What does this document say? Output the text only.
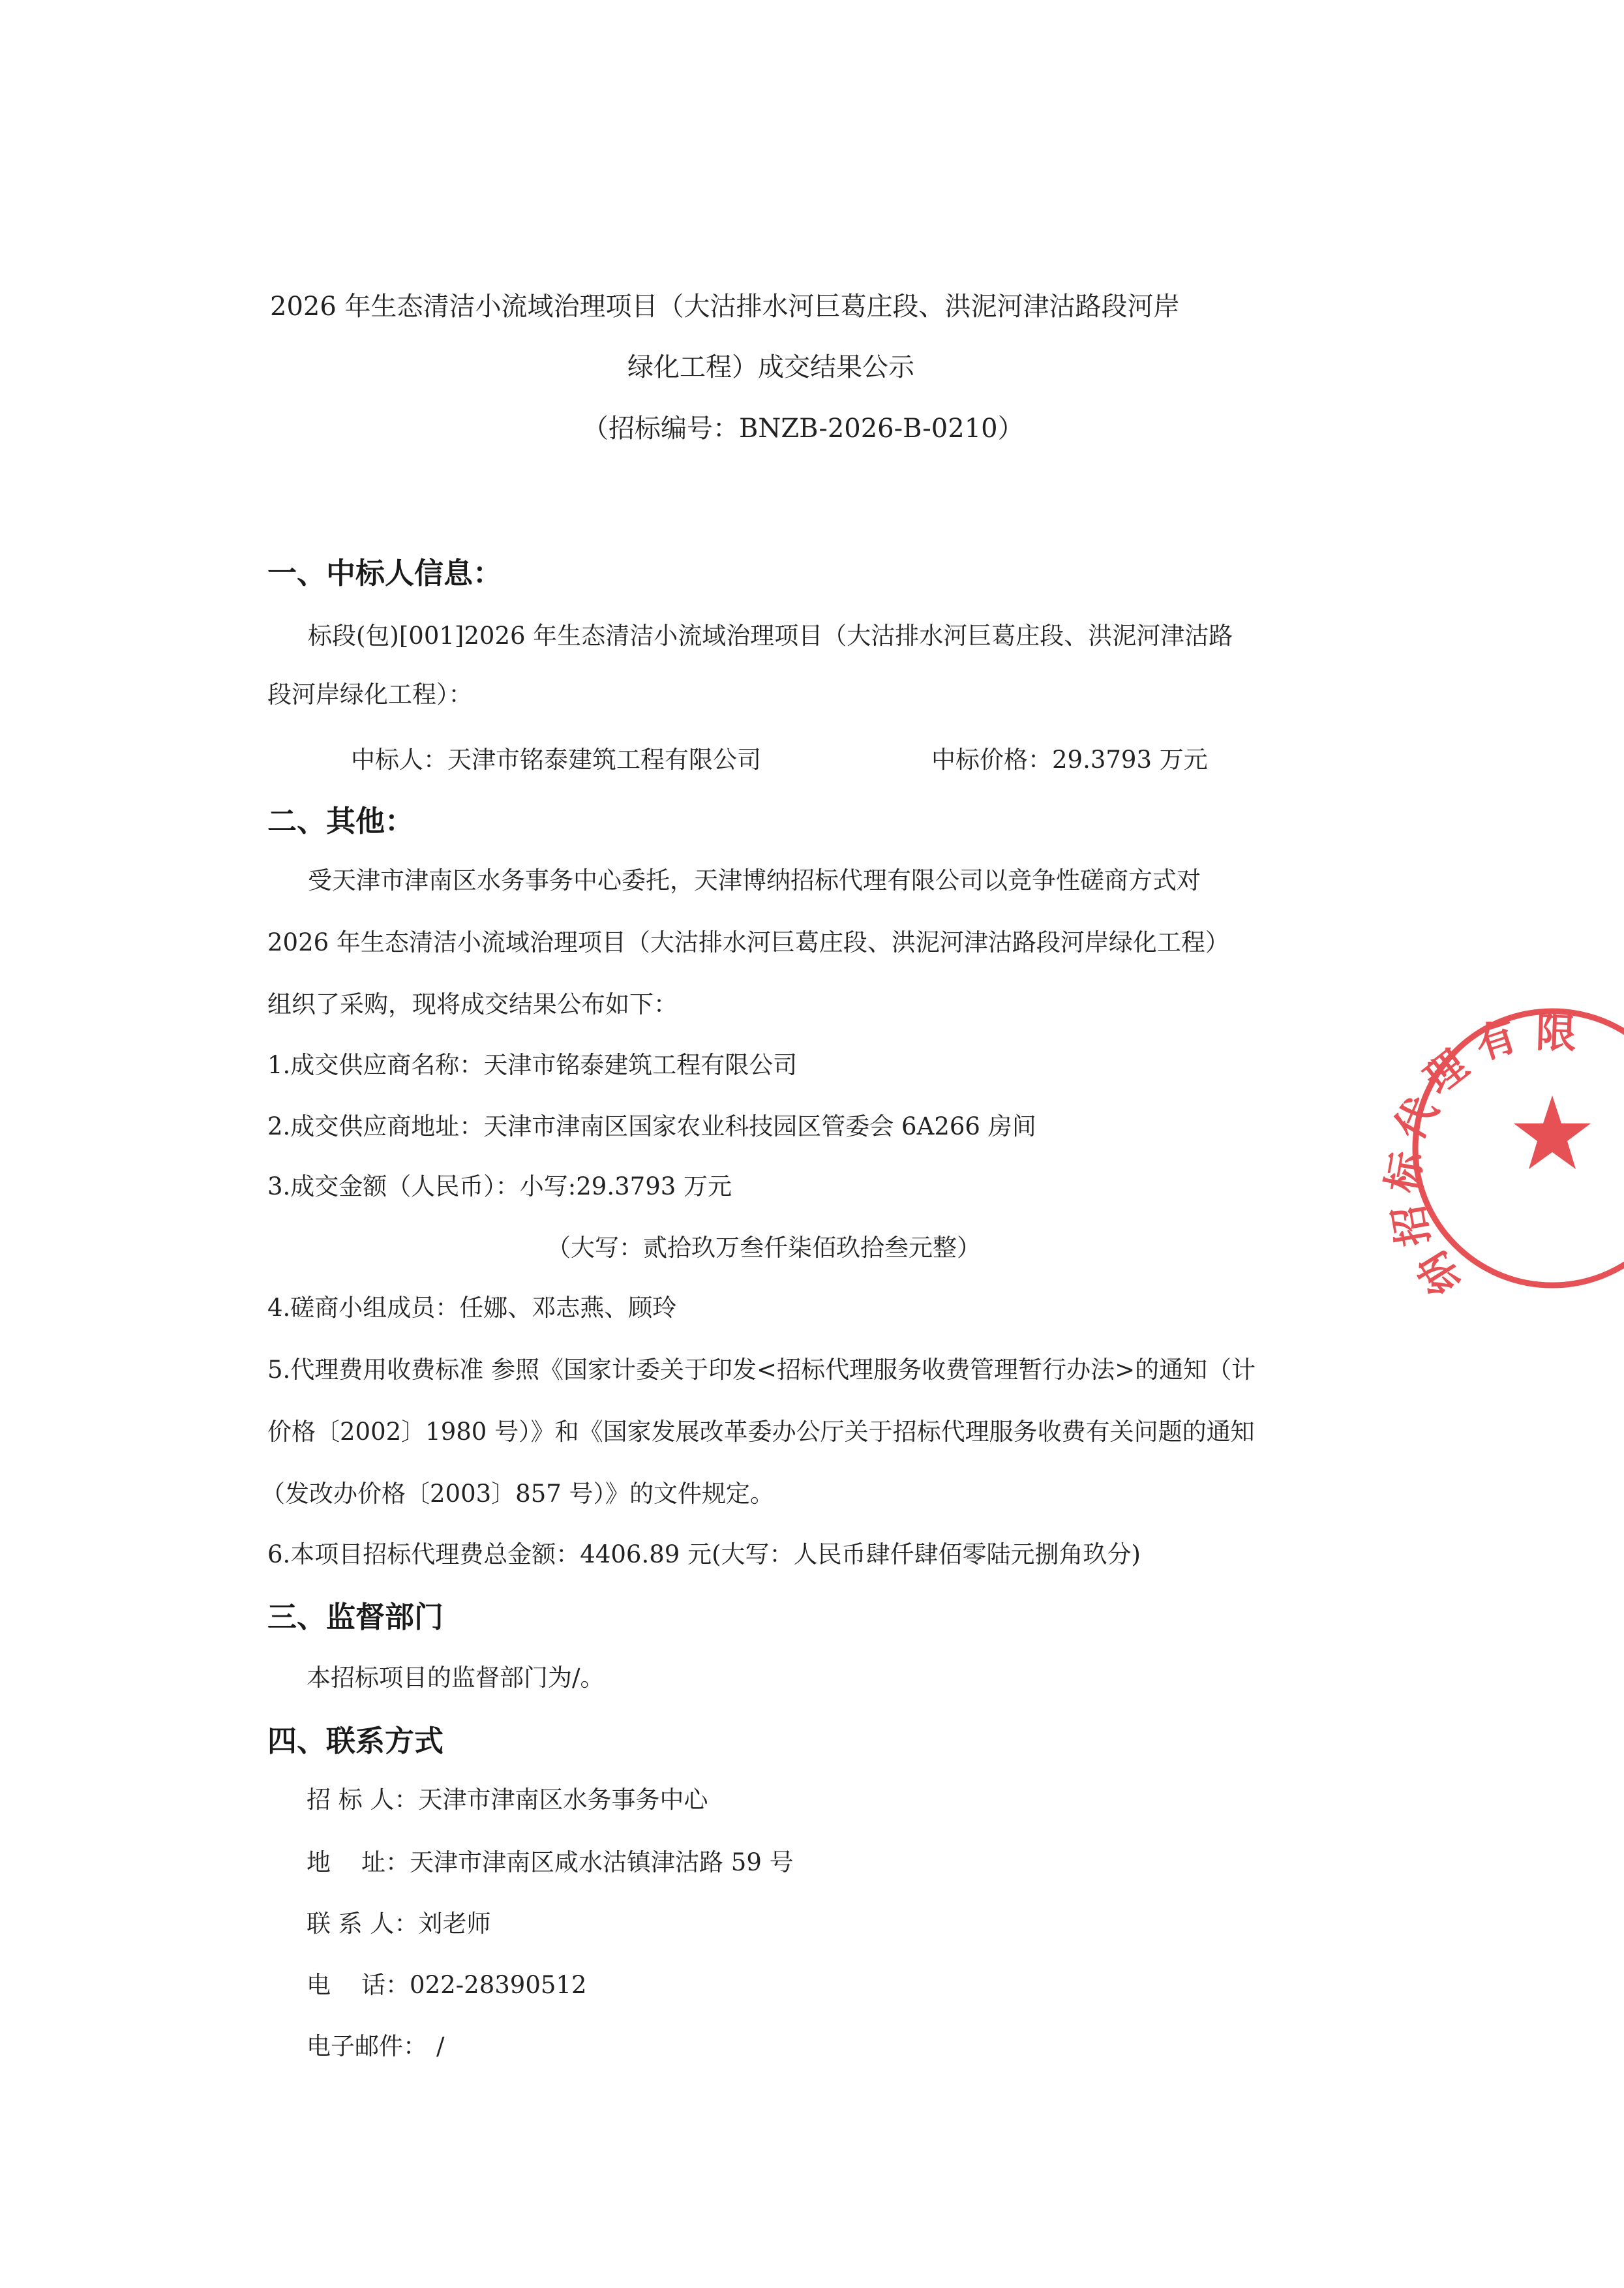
2026 年生态清洁小流域治理项目（大沽排水河巨葛庄段、洪泥河津沽路段河岸
绿化工程）成交结果公示
（招标编号：BNZB-2026-B-0210）
一、中标人信息：
标段(包)[001]2026 年生态清洁小流域治理项目（大沽排水河巨葛庄段、洪泥河津沽路
段河岸绿化工程）：
中标人：天津市铭泰建筑工程有限公司	中标价格：29.3793 万元
二、其他：
受天津市津南区水务事务中心委托，天津博纳招标代理有限公司以竞争性磋商方式对
2026 年生态清洁小流域治理项目（大沽排水河巨葛庄段、洪泥河津沽路段河岸绿化工程）
组织了采购，现将成交结果公布如下：
1.成交供应商名称：天津市铭泰建筑工程有限公司
2.成交供应商地址：天津市津南区国家农业科技园区管委会 6A266 房间
3.成交金额（人民币）：小写:29.3793 万元
（大写：贰拾玖万叁仟柒佰玖拾叁元整）
4.磋商小组成员：任娜、邓志燕、顾玲
5.代理费用收费标准 参照《国家计委关于印发<招标代理服务收费管理暂行办法>的通知（计
价格〔2002〕1980 号）》和《国家发展改革委办公厅关于招标代理服务收费有关问题的通知
（发改办价格〔2003〕857 号）》的文件规定。
6.本项目招标代理费总金额：4406.89 元(大写：人民币肆仟肆佰零陆元捌角玖分)
三、监督部门
本招标项目的监督部门为/。
四、联系方式
招 标 人：天津市津南区水务事务中心
地    址：天津市津南区咸水沽镇津沽路 59 号
联 系 人：刘老师
电    话：022-28390512
电子邮件： /
限
有
理
代
标
招
纳
